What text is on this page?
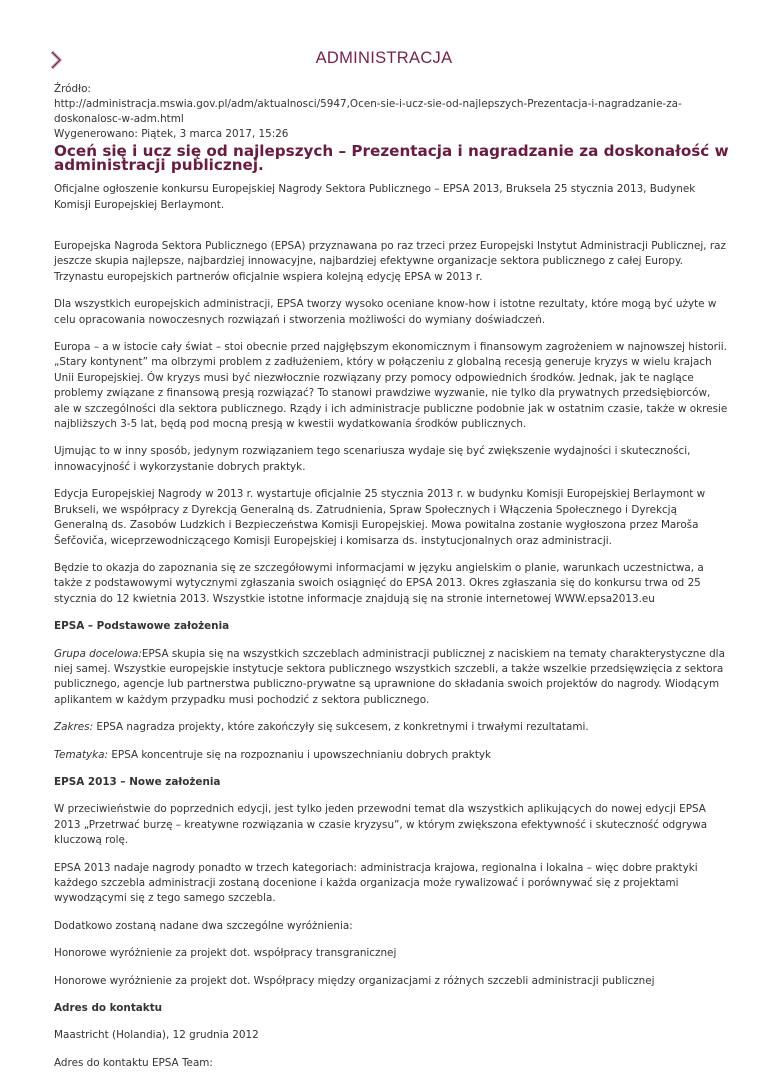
ADMINISTRACJA
Źródło:
http://administracja.mswia.gov.pl/adm/aktualnosci/5947,Ocen-sie-i-ucz-sie-od-najlepszych-Prezentacja-i-nagradzanie-za-doskonalosc-w-adm.html
Wygenerowano: Piątek, 3 marca 2017, 15:26
Oceń się i ucz się od najlepszych – Prezentacja i nagradzanie za doskonałość w administracji publicznej.

Oficjalne ogłoszenie konkursu Europejskiej Nagrody Sektora Publicznego – EPSA 2013, Bruksela 25 stycznia 2013, Budynek Komisji Europejskiej Berlaymont.

Europejska Nagroda Sektora Publicznego (EPSA) przyznawana po raz trzeci przez Europejski Instytut Administracji Publicznej, raz jeszcze skupia najlepsze, najbardziej innowacyjne, najbardziej efektywne organizacje sektora publicznego z całej Europy. Trzynastu europejskich partnerów oficjalnie wspiera kolejną edycję EPSA w 2013 r.

Dla wszystkich europejskich administracji, EPSA tworzy wysoko oceniane know-how i istotne rezultaty, które mogą być użyte w celu opracowania nowoczesnych rozwiązań i stworzenia możliwości do wymiany doświadczeń.

Europa – a w istocie cały świat – stoi obecnie przed najgłębszym ekonomicznym i finansowym zagrożeniem w najnowszej historii. „Stary kontynent” ma olbrzymi problem z zadłużeniem, który w połączeniu z globalną recesją generuje kryzys w wielu krajach Unii Europejskiej. Ów kryzys musi być niezwłocznie rozwiązany przy pomocy odpowiednich środków. Jednak, jak te naglące problemy związane z finansową presją rozwiązać? To stanowi prawdziwe wyzwanie, nie tylko dla prywatnych przedsiębiorców, ale w szczególności dla sektora publicznego. Rządy i ich administracje publiczne podobnie jak w ostatnim czasie, także w okresie najbliższych 3-5 lat, będą pod mocną presją w kwestii wydatkowania środków publicznych.

Ujmując to w inny sposób, jedynym rozwiązaniem tego scenariusza wydaje się być zwiększenie wydajności i skuteczności, innowacyjność i wykorzystanie dobrych praktyk.

Edycja Europejskiej Nagrody w 2013 r. wystartuje oficjalnie 25 stycznia 2013 r. w budynku Komisji Europejskiej Berlaymont w Brukseli, we współpracy z Dyrekcją Generalną ds. Zatrudnienia, Spraw Społecznych i Włączenia Społecznego i Dyrekcją Generalną ds. Zasobów Ludzkich i Bezpieczeństwa Komisji Europejskiej. Mowa powitalna zostanie wygłoszona przez Maroša Šefčoviča, wiceprzewodniczącego Komisji Europejskiej i komisarza ds. instytucjonalnych oraz administracji.

Będzie to okazja do zapoznania się ze szczegółowymi informacjami w języku angielskim o planie, warunkach uczestnictwa, a także z podstawowymi wytycznymi zgłaszania swoich osiągnięć do EPSA 2013. Okres zgłaszania się do konkursu trwa od 25 stycznia do 12 kwietnia 2013. Wszystkie istotne informacje znajdują się na stronie internetowej WWW.epsa2013.eu

EPSA – Podstawowe założenia

Grupa docelowa:EPSA skupia się na wszystkich szczeblach administracji publicznej z naciskiem na tematy charakterystyczne dla niej samej. Wszystkie europejskie instytucje sektora publicznego wszystkich szczebli, a także wszelkie przedsięwzięcia z sektora publicznego, agencje lub partnerstwa publiczno-prywatne są uprawnione do składania swoich projektów do nagrody. Wiodącym aplikantem w każdym przypadku musi pochodzić z sektora publicznego.

Zakres: EPSA nagradza projekty, które zakończyły się sukcesem, z konkretnymi i trwałymi rezultatami.

Tematyka: EPSA koncentruje się na rozpoznaniu i upowszechnianiu dobrych praktyk

EPSA 2013 – Nowe założenia

W przeciwieństwie do poprzednich edycji, jest tylko jeden przewodni temat dla wszystkich aplikujących do nowej edycji EPSA 2013 „Przetrwać burzę – kreatywne rozwiązania w czasie kryzysu”, w którym zwiększona efektywność i skuteczność odgrywa kluczową rolę.

EPSA 2013 nadaje nagrody ponadto w trzech kategoriach: administracja krajowa, regionalna i lokalna – więc dobre praktyki każdego szczebla administracji zostaną docenione i każda organizacja może rywalizować i porównywać się z projektami wywodzącymi się z tego samego szczebla.

Dodatkowo zostaną nadane dwa szczególne wyróżnienia:

Honorowe wyróżnienie za projekt dot. współpracy transgranicznej

Honorowe wyróżnienie za projekt dot. Współpracy między organizacjami z różnych szczebli administracji publicznej

Adres do kontaktu

Maastricht (Holandia), 12 grudnia 2012

Adres do kontaktu EPSA Team:
